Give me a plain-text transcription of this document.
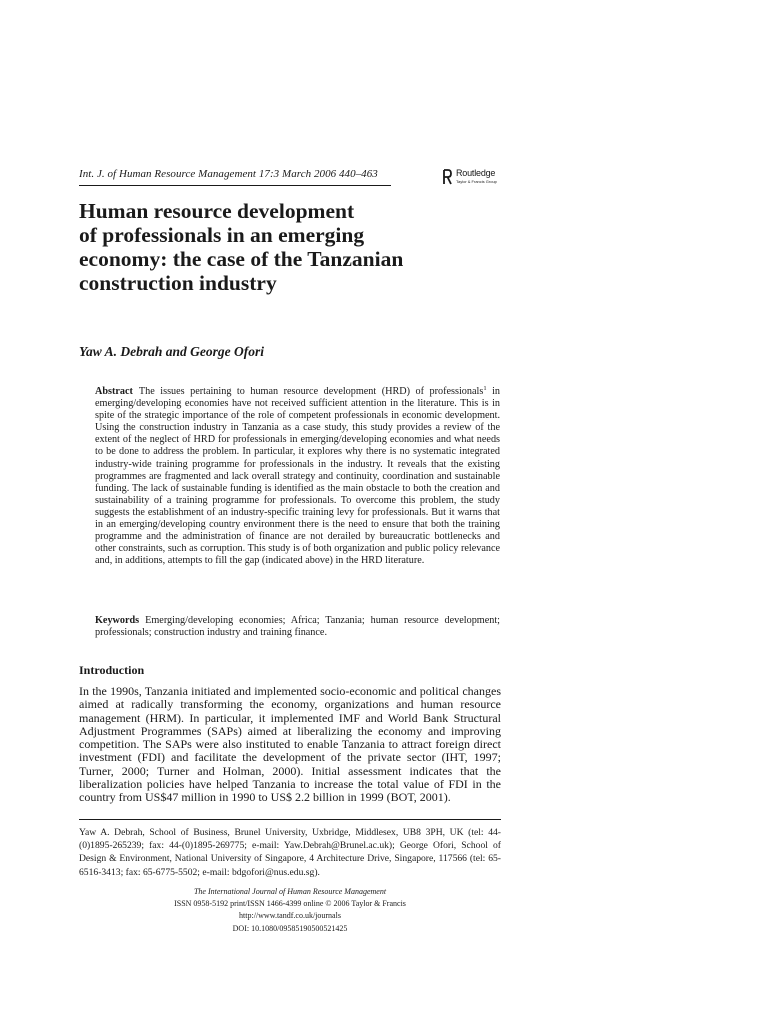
Int. J. of Human Resource Management 17:3 March 2006 440–463	Routledge
Taylor & Francis Group
Human resource development
of professionals in an emerging
economy: the case of the Tanzanian
construction industry
Yaw A. Debrah and George Ofori
Abstract The issues pertaining to human resource development (HRD) of professionals$^1$ in emerging/developing economies have not received sufficient attention in the literature. This is in spite of the strategic importance of the role of competent professionals in economic development. Using the construction industry in Tanzania as a case study, this study provides a review of the extent of the neglect of HRD for professionals in emerging/developing economies and what needs to be done to address the problem. In particular, it explores why there is no systematic integrated industry-wide training programme for professionals in the industry. It reveals that the existing programmes are fragmented and lack overall strategy and continuity, coordination and sustainable funding. The lack of sustainable funding is identified as the main obstacle to both the creation and sustainability of a training programme for professionals. To overcome this problem, the study suggests the establishment of an industry-specific training levy for professionals. But it warns that in an emerging/developing country environment there is the need to ensure that both the training programme and the administration of finance are not derailed by bureaucratic bottlenecks and other constraints, such as corruption. This study is of both organization and public policy relevance and, in additions, attempts to fill the gap (indicated above) in the HRD literature.
Keywords Emerging/developing economies; Africa; Tanzania; human resource development; professionals; construction industry and training finance.
Introduction
In the 1990s, Tanzania initiated and implemented socio-economic and political changes aimed at radically transforming the economy, organizations and human resource management (HRM). In particular, it implemented IMF and World Bank Structural Adjustment Programmes (SAPs) aimed at liberalizing the economy and improving competition. The SAPs were also instituted to enable Tanzania to attract foreign direct investment (FDI) and facilitate the development of the private sector (IHT, 1997; Turner, 2000; Turner and Holman, 2000). Initial assessment indicates that the liberalization policies have helped Tanzania to increase the total value of FDI in the country from US$47 million in 1990 to US$ 2.2 billion in 1999 (BOT, 2001).
Yaw A. Debrah, School of Business, Brunel University, Uxbridge, Middlesex, UB8 3PH, UK (tel: 44-(0)1895-265239; fax: 44-(0)1895-269775; e-mail: Yaw.Debrah@Brunel.ac.uk); George Ofori, School of Design & Environment, National University of Singapore, 4 Architecture Drive, Singapore, 117566 (tel: 65-6516-3413; fax: 65-6775-5502; e-mail: bdgofori@nus.edu.sg).
The International Journal of Human Resource Management
ISSN 0958-5192 print/ISSN 1466-4399 online © 2006 Taylor & Francis
http://www.tandf.co.uk/journals
DOI: 10.1080/09585190500521425
